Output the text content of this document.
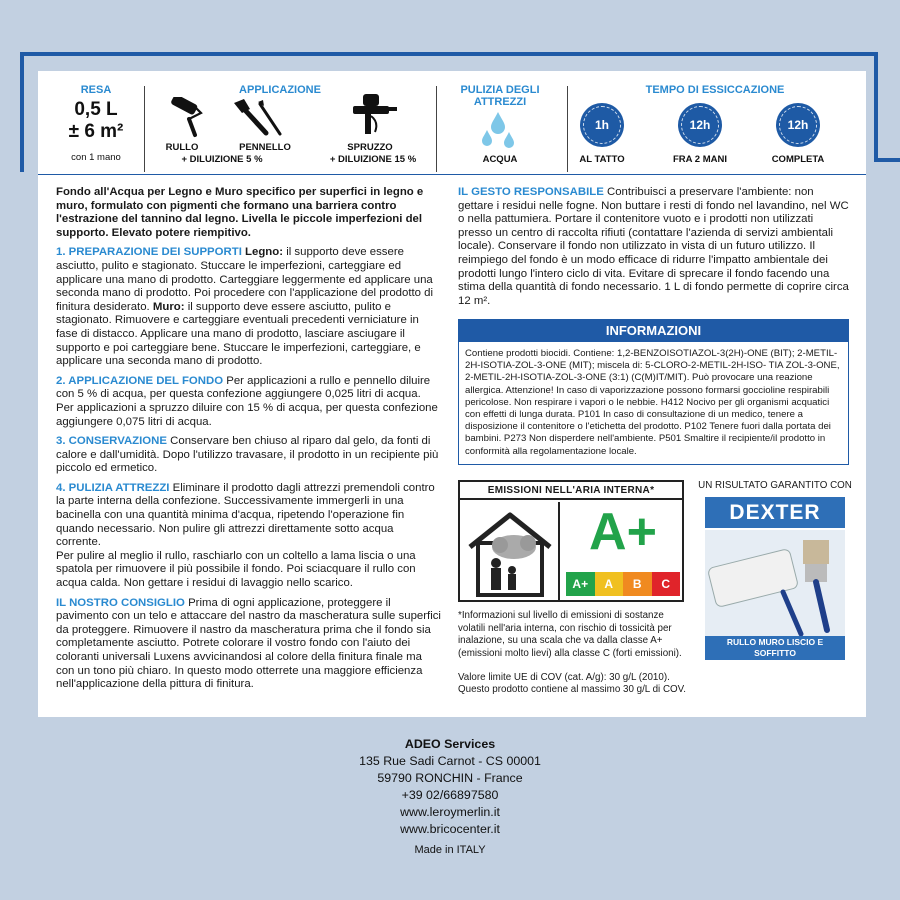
RESA
0,5 L
± 6 m²
con 1 mano
APPLICAZIONE
RULLO	PENNELLO
+ DILUIZIONE 5 %
SPRUZZO
+ DILUIZIONE 15 %
PULIZIA DEGLI
ATTREZZI
ACQUA
TEMPO DI ESSICCAZIONE
1h	12h	12h
AL TATTO	FRA 2 MANI	COMPLETA

Fondo all'Acqua per Legno e Muro specifico per superfici in legno e muro, formulato con pigmenti che formano una barriera contro l'estrazione del tannino dal legno. Livella le piccole imperfezioni del supporto. Elevato potere riempitivo.

1. PREPARAZIONE DEI SUPPORTI Legno: il supporto deve essere asciutto, pulito e stagionato. Stuccare le imperfezioni, carteggiare ed applicare una mano di prodotto. Carteggiare leggermente ed applicare una seconda mano di prodotto. Poi procedere con l'applicazione del prodotto di finitura desiderato. Muro: il supporto deve essere asciutto, pulito e stagionato. Rimuovere e carteggiare eventuali precedenti verniciature in fase di distacco. Applicare una mano di prodotto, lasciare asciugare il supporto e poi carteggiare bene. Stuccare le imperfezioni, carteggiare, e applicare una seconda mano di prodotto.

2. APPLICAZIONE DEL FONDO Per applicazioni a rullo e pennello diluire con 5 % di acqua, per questa confezione aggiungere 0,025 litri di acqua. Per applicazioni a spruzzo diluire con 15 % di acqua, per questa confezione aggiungere 0,075 litri di acqua.

3. CONSERVAZIONE Conservare ben chiuso al riparo dal gelo, da fonti di calore e dall'umidità. Dopo l'utilizzo travasare, il prodotto in un recipiente più piccolo ed ermetico.

4. PULIZIA ATTREZZI Eliminare il prodotto dagli attrezzi premendoli contro la parte interna della confezione. Successivamente immergerli in una bacinella con una quantità minima d'acqua, ripetendo l'operazione fin quando necessario. Non pulire gli attrezzi direttamente sotto acqua corrente.

Per pulire al meglio il rullo, raschiarlo con un coltello a lama liscia o una spatola per rimuovere il più possibile il fondo. Poi sciacquare il rullo con acqua calda. Non gettare i residui di lavaggio nello scarico.

IL NOSTRO CONSIGLIO Prima di ogni applicazione, proteggere il pavimento con un telo e attaccare del nastro da mascheratura sulle superfici da proteggere. Rimuovere il nastro da mascheratura prima che il fondo sia completamente asciutto. Potrete colorare il vostro fondo con l'aiuto dei coloranti universali Luxens avvicinandosi al colore della finitura finale ma con un tono più chiaro. In questo modo otterrete una maggiore efficienza nell'applicazione della pittura di finitura.

IL GESTO RESPONSABILE Contribuisci a preservare l'ambiente: non gettare i residui nelle fogne. Non buttare i resti di fondo nel lavandino, nel WC o nella pattumiera. Portare il contenitore vuoto e i prodotti non utilizzati presso un centro di raccolta rifiuti (contattare l'azienda di servizi ambientali locale). Conservare il fondo non utilizzato in vista di un futuro utilizzo. Il reimpiego del fondo è un modo efficace di ridurre l'impatto ambientale dei prodotti lungo l'intero ciclo di vita. Evitare di sprecare il fondo facendo una stima della quantità di fondo necessario. 1 L di fondo permette di coprire circa 12 m².

INFORMAZIONI
Contiene prodotti biocidi. Contiene: 1,2-BENZOISOTIAZOL-3(2H)-ONE (BIT); 2-METIL-2H-ISOTIA-ZOL-3-ONE (MIT); miscela di: 5-CLORO-2-METIL-2H-ISO- TIA ZOL-3-ONE, 2-METIL-2H-ISOTIA-ZOL-3-ONE (3:1) (C(M)IT/MIT). Può provocare una reazione allergica. Attenzione! In caso di vaporizzazione possono formarsi goccioline respirabili pericolose. Non respirare i vapori o le nebbie. H412 Nocivo per gli organismi acquatici con effetti di lunga durata. P101 In caso di consultazione di un medico, tenere a disposizione il contenitore o l'etichetta del prodotto. P102 Tenere fuori dalla portata dei bambini. P273 Non disperdere nell'ambiente. P501 Smaltire il recipiente/il prodotto in conformità alla regolamentazione locale.
EMISSIONI NELL'ARIA INTERNA*
A+
A+	A	B	C
*Informazioni sul livello di emissioni di sostanze volatili nell'aria interna, con rischio di tossicità per inalazione, su una scala che va dalla classe A+ (emissioni molto lievi) alla classe C (forti emissioni).
Valore limite UE di COV (cat. A/g): 30 g/L (2010).
Questo prodotto contiene al massimo 30 g/L di COV.
UN RISULTATO GARANTITO CON
DEXTER
RULLO MURO LISCIO E SOFFITTO
PENNELLO UNIVERSALE
ADEO Services
135 Rue Sadi Carnot - CS 00001
59790 RONCHIN - France
+39 02/66897580
www.leroymerlin.it
www.bricocenter.it
Made in ITALY
